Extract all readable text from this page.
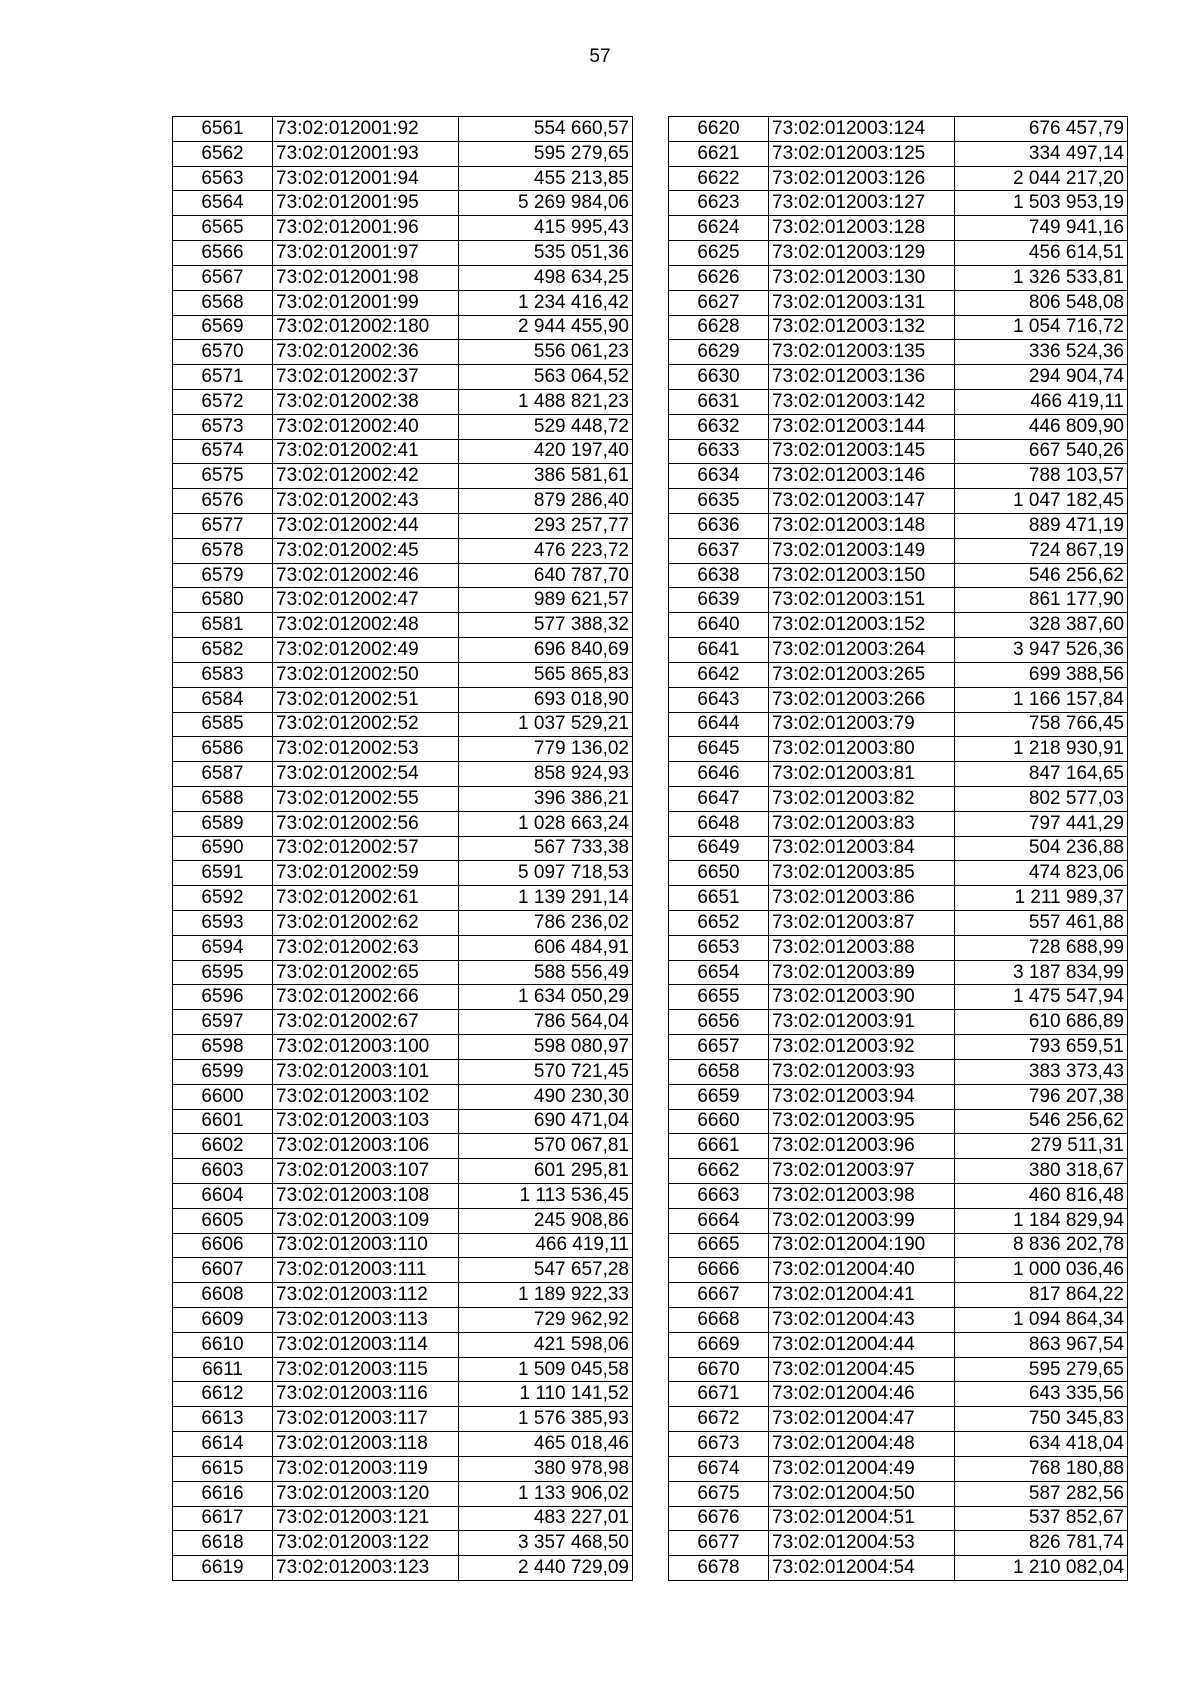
57
6561	73:02:012001:92	554 660,57
6562	73:02:012001:93	595 279,65
6563	73:02:012001:94	455 213,85
6564	73:02:012001:95	5 269 984,06
6565	73:02:012001:96	415 995,43
6566	73:02:012001:97	535 051,36
6567	73:02:012001:98	498 634,25
6568	73:02:012001:99	1 234 416,42
6569	73:02:012002:180	2 944 455,90
6570	73:02:012002:36	556 061,23
6571	73:02:012002:37	563 064,52
6572	73:02:012002:38	1 488 821,23
6573	73:02:012002:40	529 448,72
6574	73:02:012002:41	420 197,40
6575	73:02:012002:42	386 581,61
6576	73:02:012002:43	879 286,40
6577	73:02:012002:44	293 257,77
6578	73:02:012002:45	476 223,72
6579	73:02:012002:46	640 787,70
6580	73:02:012002:47	989 621,57
6581	73:02:012002:48	577 388,32
6582	73:02:012002:49	696 840,69
6583	73:02:012002:50	565 865,83
6584	73:02:012002:51	693 018,90
6585	73:02:012002:52	1 037 529,21
6586	73:02:012002:53	779 136,02
6587	73:02:012002:54	858 924,93
6588	73:02:012002:55	396 386,21
6589	73:02:012002:56	1 028 663,24
6590	73:02:012002:57	567 733,38
6591	73:02:012002:59	5 097 718,53
6592	73:02:012002:61	1 139 291,14
6593	73:02:012002:62	786 236,02
6594	73:02:012002:63	606 484,91
6595	73:02:012002:65	588 556,49
6596	73:02:012002:66	1 634 050,29
6597	73:02:012002:67	786 564,04
6598	73:02:012003:100	598 080,97
6599	73:02:012003:101	570 721,45
6600	73:02:012003:102	490 230,30
6601	73:02:012003:103	690 471,04
6602	73:02:012003:106	570 067,81
6603	73:02:012003:107	601 295,81
6604	73:02:012003:108	1 113 536,45
6605	73:02:012003:109	245 908,86
6606	73:02:012003:110	466 419,11
6607	73:02:012003:111	547 657,28
6608	73:02:012003:112	1 189 922,33
6609	73:02:012003:113	729 962,92
6610	73:02:012003:114	421 598,06
6611	73:02:012003:115	1 509 045,58
6612	73:02:012003:116	1 110 141,52
6613	73:02:012003:117	1 576 385,93
6614	73:02:012003:118	465 018,46
6615	73:02:012003:119	380 978,98
6616	73:02:012003:120	1 133 906,02
6617	73:02:012003:121	483 227,01
6618	73:02:012003:122	3 357 468,50
6619	73:02:012003:123	2 440 729,09
6620	73:02:012003:124	676 457,79
6621	73:02:012003:125	334 497,14
6622	73:02:012003:126	2 044 217,20
6623	73:02:012003:127	1 503 953,19
6624	73:02:012003:128	749 941,16
6625	73:02:012003:129	456 614,51
6626	73:02:012003:130	1 326 533,81
6627	73:02:012003:131	806 548,08
6628	73:02:012003:132	1 054 716,72
6629	73:02:012003:135	336 524,36
6630	73:02:012003:136	294 904,74
6631	73:02:012003:142	466 419,11
6632	73:02:012003:144	446 809,90
6633	73:02:012003:145	667 540,26
6634	73:02:012003:146	788 103,57
6635	73:02:012003:147	1 047 182,45
6636	73:02:012003:148	889 471,19
6637	73:02:012003:149	724 867,19
6638	73:02:012003:150	546 256,62
6639	73:02:012003:151	861 177,90
6640	73:02:012003:152	328 387,60
6641	73:02:012003:264	3 947 526,36
6642	73:02:012003:265	699 388,56
6643	73:02:012003:266	1 166 157,84
6644	73:02:012003:79	758 766,45
6645	73:02:012003:80	1 218 930,91
6646	73:02:012003:81	847 164,65
6647	73:02:012003:82	802 577,03
6648	73:02:012003:83	797 441,29
6649	73:02:012003:84	504 236,88
6650	73:02:012003:85	474 823,06
6651	73:02:012003:86	1 211 989,37
6652	73:02:012003:87	557 461,88
6653	73:02:012003:88	728 688,99
6654	73:02:012003:89	3 187 834,99
6655	73:02:012003:90	1 475 547,94
6656	73:02:012003:91	610 686,89
6657	73:02:012003:92	793 659,51
6658	73:02:012003:93	383 373,43
6659	73:02:012003:94	796 207,38
6660	73:02:012003:95	546 256,62
6661	73:02:012003:96	279 511,31
6662	73:02:012003:97	380 318,67
6663	73:02:012003:98	460 816,48
6664	73:02:012003:99	1 184 829,94
6665	73:02:012004:190	8 836 202,78
6666	73:02:012004:40	1 000 036,46
6667	73:02:012004:41	817 864,22
6668	73:02:012004:43	1 094 864,34
6669	73:02:012004:44	863 967,54
6670	73:02:012004:45	595 279,65
6671	73:02:012004:46	643 335,56
6672	73:02:012004:47	750 345,83
6673	73:02:012004:48	634 418,04
6674	73:02:012004:49	768 180,88
6675	73:02:012004:50	587 282,56
6676	73:02:012004:51	537 852,67
6677	73:02:012004:53	826 781,74
6678	73:02:012004:54	1 210 082,04
